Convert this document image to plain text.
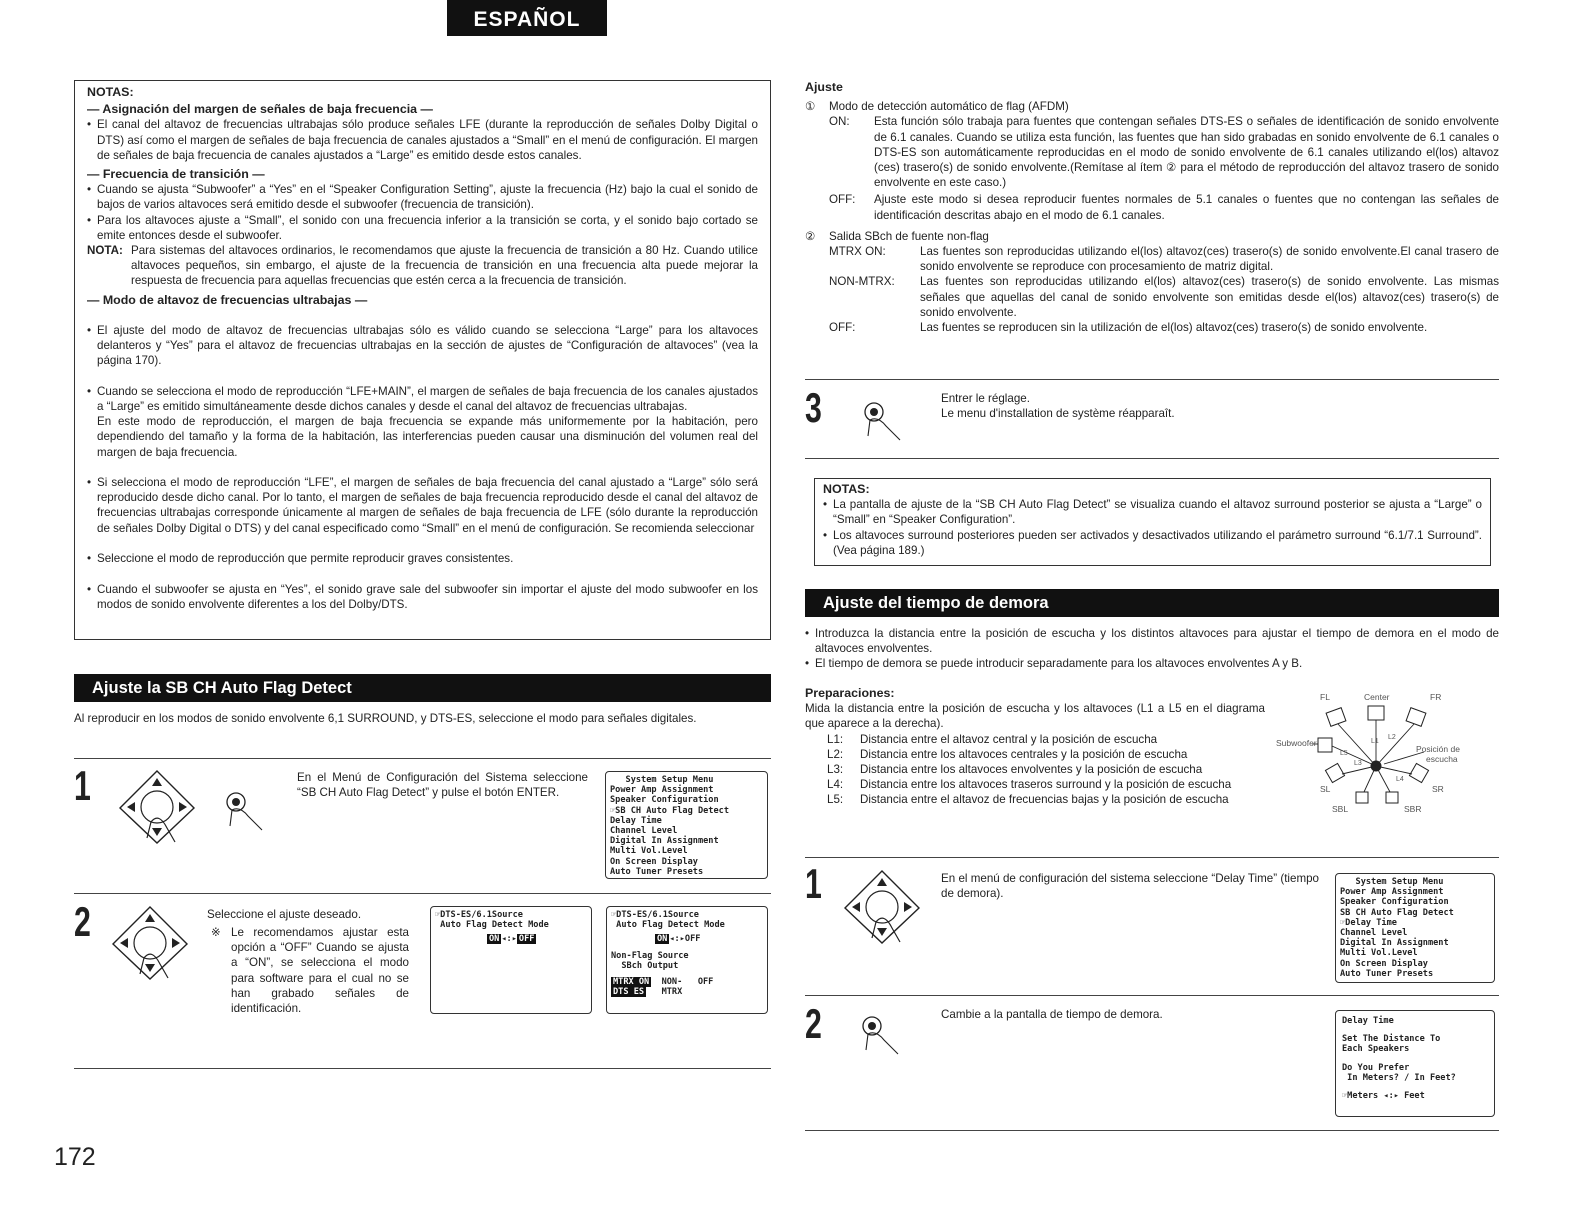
ESPAÑOL
NOTAS:
— Asignación del margen de señales de baja frecuencia —
• El canal del altavoz de frecuencias ultrabajas sólo produce señales LFE (durante la reproducción de señales Dolby Digital o DTS) así como el margen de señales de baja frecuencia de canales ajustados a “Small” en el menú de configuración. El margen de señales de baja frecuencia de canales ajustados a “Large” es emitido desde estos canales.
— Frecuencia de transición —
• Cuando se ajusta “Subwoofer” a “Yes” en el “Speaker Configuration Setting”, ajuste la frecuencia (Hz) bajo la cual el sonido de bajos de varios altavoces será emitido desde el subwoofer (frecuencia de transición).
• Para los altavoces ajuste a “Small”, el sonido con una frecuencia inferior a la transición se corta, y el sonido bajo cortado se emite entonces desde el subwoofer.
NOTA: Para sistemas del altavoces ordinarios, le recomendamos que ajuste la frecuencia de transición a 80 Hz. Cuando utilice altavoces pequeños, sin embargo, el ajuste de la frecuencia de transición en una frecuencia alta puede mejorar la respuesta de frecuencia para aquellas frecuencias que estén cerca a la frecuencia de transición.
— Modo de altavoz de frecuencias ultrabajas —

• El ajuste del modo de altavoz de frecuencias ultrabajas sólo es válido cuando se selecciona “Large” para los altavoces delanteros y “Yes” para el altavoz de frecuencias ultrabajas en la sección de ajustes de “Configuración de altavoces” (vea la página 170).

• Cuando se selecciona el modo de reproducción “LFE+MAIN”, el margen de señales de baja frecuencia de los canales ajustados a “Large” es emitido simultáneamente desde dichos canales y desde el canal del altavoz de frecuencias ultrabajas.
En este modo de reproducción, el margen de baja frecuencia se expande más uniformemente por la habitación, pero dependiendo del tamaño y la forma de la habitación, las interferencias pueden causar una disminución del volumen real del margen de baja frecuencia.

• Si selecciona el modo de reproducción “LFE”, el margen de señales de baja frecuencia del canal ajustado a “Large” sólo será reproducido desde dicho canal. Por lo tanto, el margen de señales de baja frecuencia reproducido desde el canal del altavoz de frecuencias ultrabajas corresponde únicamente al margen de señales de baja frecuencia de LFE (sólo durante la reproducción de señales Dolby Digital o DTS) y del canal especificado como “Small” en el menú de configuración. Se recomienda seleccionar

• Seleccione el modo de reproducción que permite reproducir graves consistentes.

• Cuando el subwoofer se ajusta en “Yes”, el sonido grave sale del subwoofer sin importar el ajuste del modo subwoofer en los modos de sonido envolvente diferentes a los del Dolby/DTS.

Ajuste la SB CH Auto Flag Detect
Al reproducir en los modos de sonido envolvente 6,1 SURROUND, y DTS-ES, seleccione el modo para señales digitales.
1	En el Menú de Configuración del Sistema seleccione “SB CH Auto Flag Detect” y pulse el botón ENTER.
System Setup Menu
Power Amp Assignment
Speaker Configuration
☞SB CH Auto Flag Detect
Delay Time
Channel Level
Digital In Assignment
Multi Vol.Level
On Screen Display
Auto Tuner Presets
2	Seleccione el ajuste deseado.
※ Le recomendamos ajustar esta opción a “OFF” Cuando se ajusta a “ON”, se selecciona el modo para software para el cual no se han grabado señales de identificación.
☞DTS-ES/6.1Source
Auto Flag Detect Mode
ON ◂:▸ OFF
☞DTS-ES/6.1Source
Auto Flag Detect Mode
ON ◂:▸OFF
Non-Flag Source
SBch Output
MTRX ON NON- OFF
DTS ES MTRX
172
Ajuste
①	Modo de detección automático de flag (AFDM)
ON:	Esta función sólo trabaja para fuentes que contengan señales DTS-ES o señales de identificación de sonido envolvente de 6.1 canales. Cuando se utiliza esta función, las fuentes que han sido grabadas en sonido envolvente de 6.1 canales o DTS-ES son automáticamente reproducidas en el modo de sonido envolvente de 6.1 canales utilizando el(los) altavoz (ces) trasero(s) de sonido envolvente.(Remítase al ítem ② para el método de reproducción del altavoz trasero de sonido envolvente en este caso.)
OFF:	Ajuste este modo si desea reproducir fuentes normales de 5.1 canales o fuentes que no contengan las señales de identificación descritas abajo en el modo de 6.1 canales.
②	Salida SBch de fuente non-flag
MTRX ON:	Las fuentes son reproducidas utilizando el(los) altavoz(ces) trasero(s) de sonido envolvente.El canal trasero de sonido envolvente se reproduce con procesamiento de matriz digital.
NON-MTRX:	Las fuentes son reproducidas utilizando el(los) altavoz(ces) trasero(s) de sonido envolvente. Las mismas señales que aquellas del canal de sonido envolvente son emitidas desde el(los) altavoz(ces) trasero(s) de sonido envolvente.
OFF:	Las fuentes se reproducen sin la utilización de el(los) altavoz(ces) trasero(s) de sonido envolvente.
3	Entrer le réglage.
Le menu d'installation de système réapparaît.
NOTAS:
• La pantalla de ajuste de la “SB CH Auto Flag Detect” se visualiza cuando el altavoz surround posterior se ajusta a “Large” o “Small” en “Speaker Configuration”.
• Los altavoces surround posteriores pueden ser activados y desactivados utilizando el parámetro surround “6.1/7.1 Surround”. (Vea página 189.)
Ajuste del tiempo de demora
• Introduzca la distancia entre la posición de escucha y los distintos altavoces para ajustar el tiempo de demora en el modo de altavoces envolventes.
• El tiempo de demora se puede introducir separadamente para los altavoces envolventes A y B.
Preparaciones:
Mida la distancia entre la posición de escucha y los altavoces (L1 a L5 en el diagrama que aparece a la derecha).
L1:	Distancia entre el altavoz central y la posición de escucha
L2:	Distancia entre los altavoces centrales y la posición de escucha
L3:	Distancia entre los altavoces envolventes y la posición de escucha
L4:	Distancia entre los altavoces traseros surround y la posición de escucha
L5:	Distancia entre el altavoz de frecuencias bajas y la posición de escucha
FL	Center	FR
Subwoofer
Posición de
escucha
L1
L2
L3
L4
L5
SL	SR
SBL	SBR
1	En el menú de configuración del sistema seleccione “Delay Time” (tiempo de demora).
System Setup Menu
Power Amp Assignment
Speaker Configuration
SB CH Auto Flag Detect
☞Delay Time
Channel Level
Digital In Assignment
Multi Vol.Level
On Screen Display
Auto Tuner Presets
2	Cambie a la pantalla de tiempo de demora.	Delay Time
Set The Distance To
Each Speakers
Do You Prefer
In Meters? / In Feet?
☞Meters ◂:▸ Feet
